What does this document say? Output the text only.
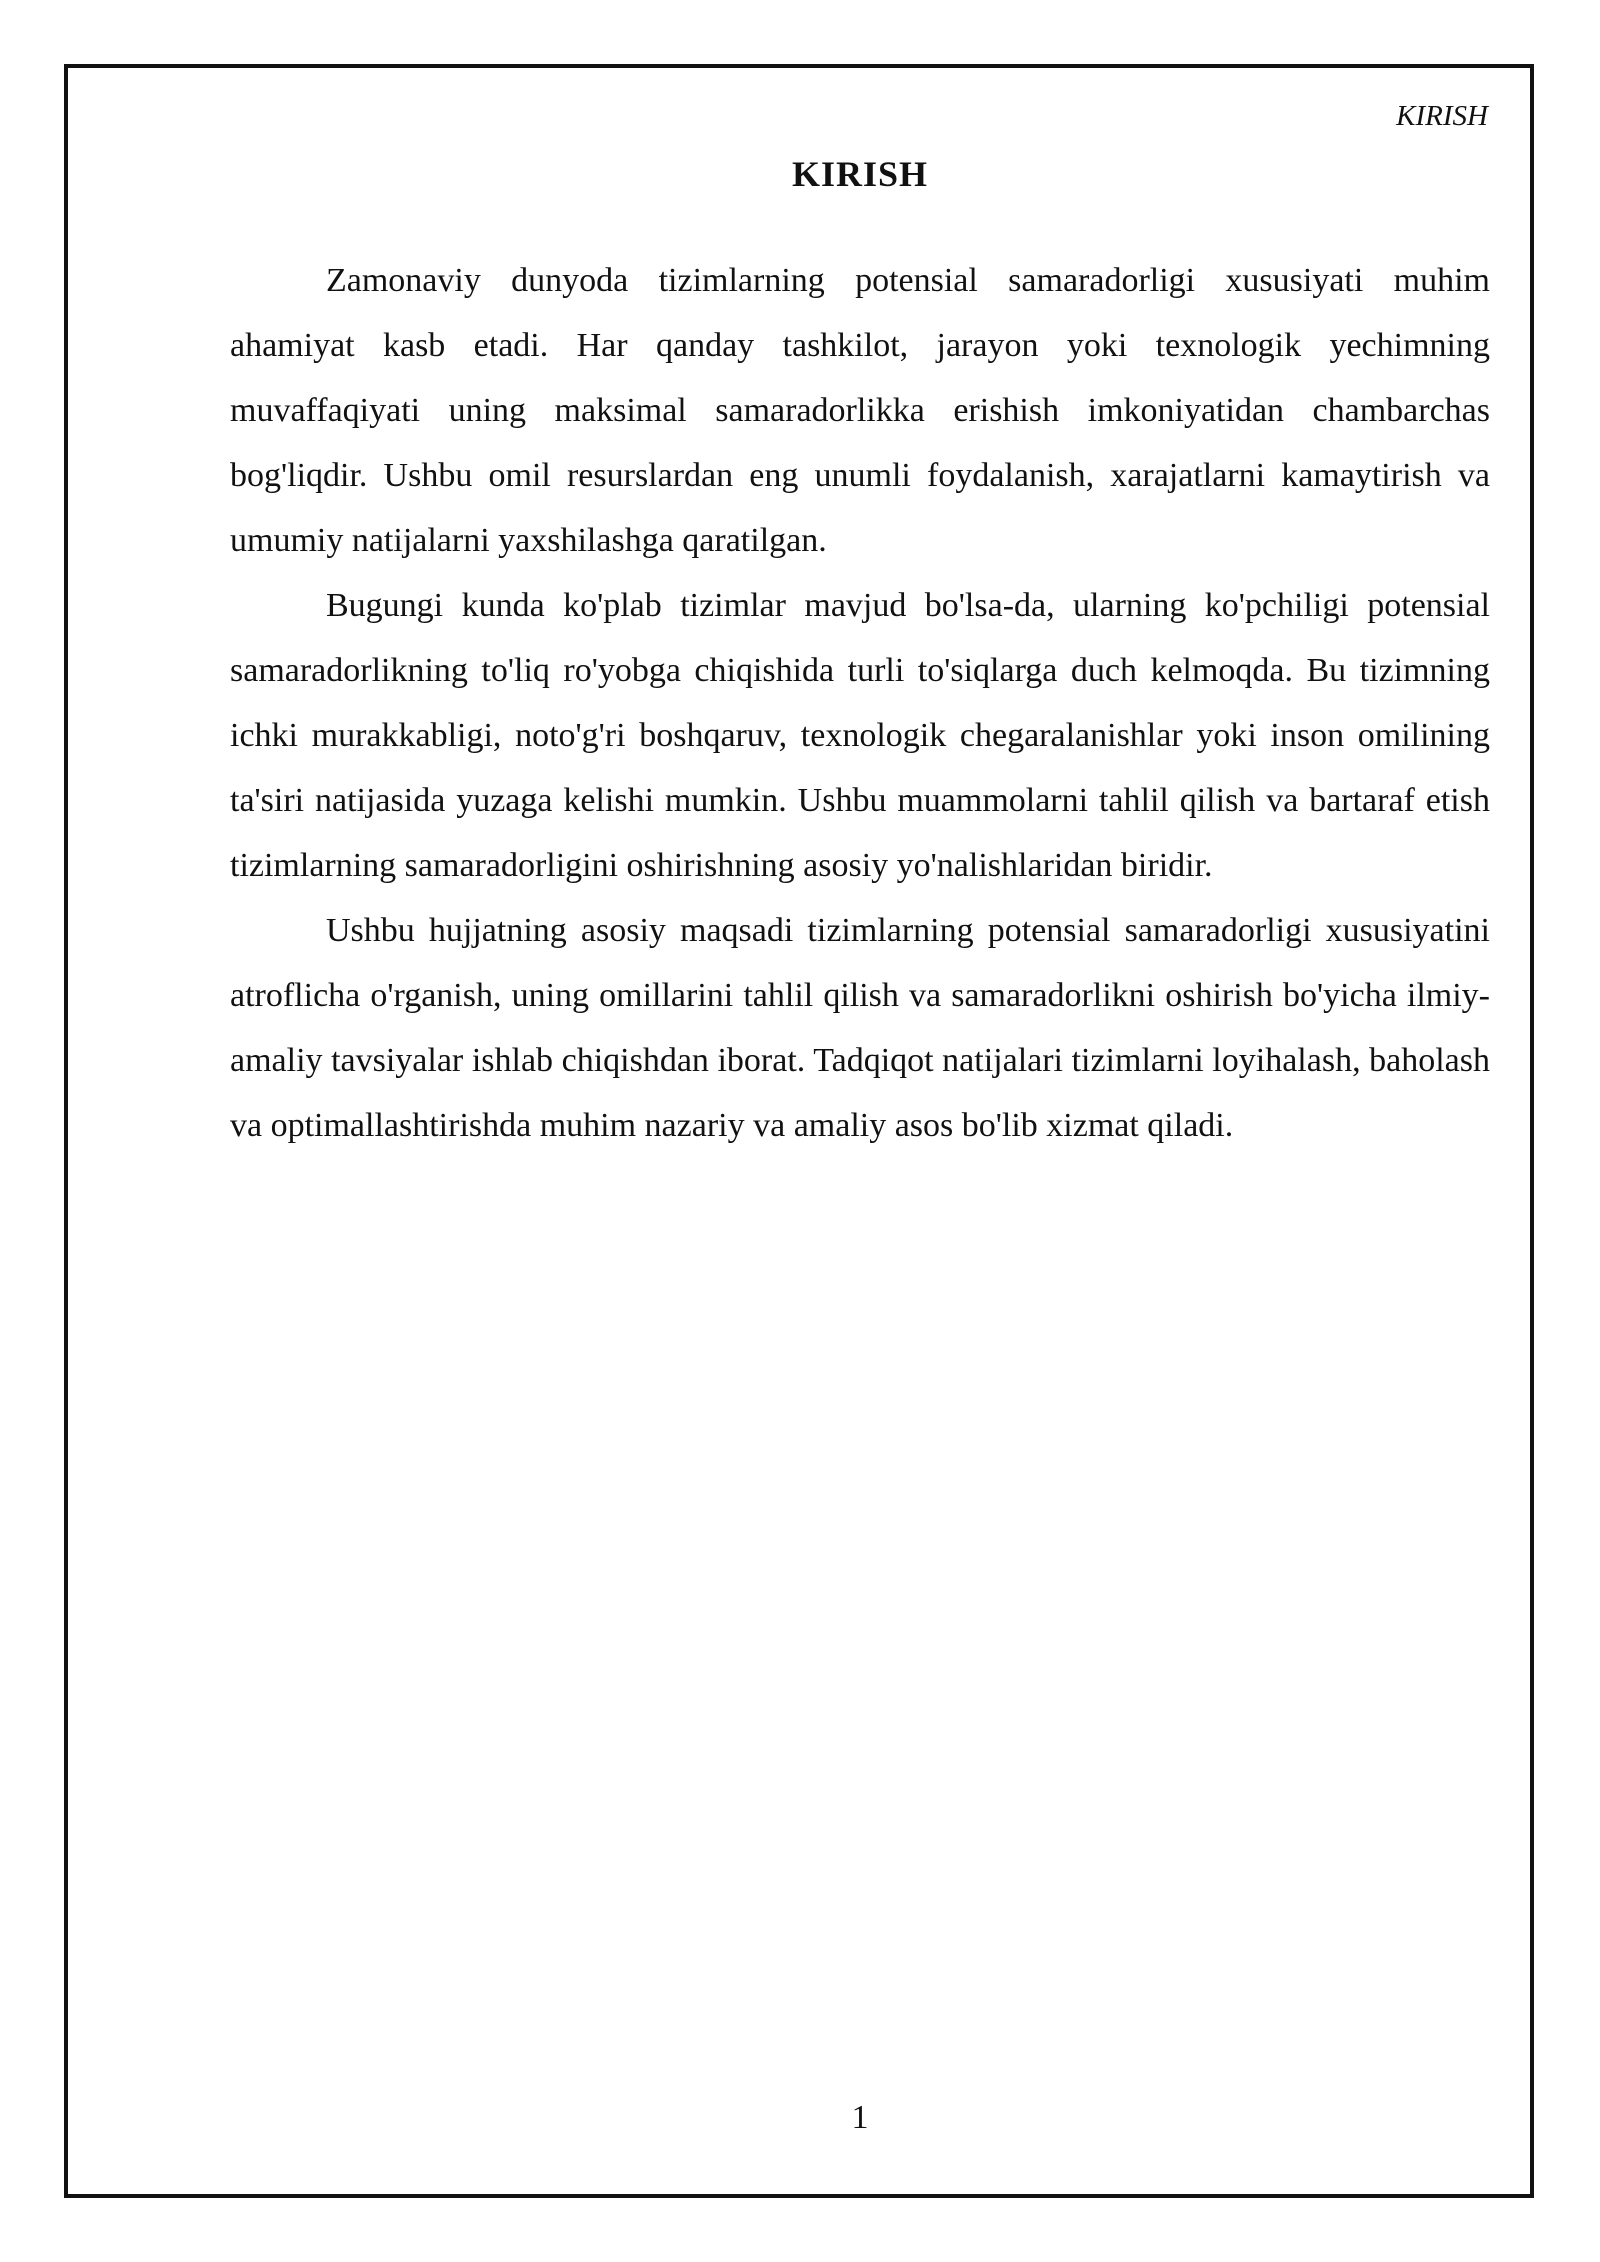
KIRISH
KIRISH

Zamonaviy dunyoda tizimlarning potensial samaradorligi xususiyati muhim ahamiyat kasb etadi. Har qanday tashkilot, jarayon yoki texnologik yechimning muvaffaqiyati uning maksimal samaradorlikka erishish imkoniyatidan chambarchas bog'liqdir. Ushbu omil resurslardan eng unumli foydalanish, xarajatlarni kamaytirish va umumiy natijalarni yaxshilashga qaratilgan.

Bugungi kunda ko'plab tizimlar mavjud bo'lsa-da, ularning ko'pchiligi potensial samaradorlikning to'liq ro'yobga chiqishida turli to'siqlarga duch kelmoqda. Bu tizimning ichki murakkabligi, noto'g'ri boshqaruv, texnologik chegaralanishlar yoki inson omilining ta'siri natijasida yuzaga kelishi mumkin. Ushbu muammolarni tahlil qilish va bartaraf etish tizimlarning samaradorligini oshirishning asosiy yo'nalishlaridan biridir.

Ushbu hujjatning asosiy maqsadi tizimlarning potensial samaradorligi xususiyatini atroflicha o'rganish, uning omillarini tahlil qilish va samaradorlikni oshirish bo'yicha ilmiy-amaliy tavsiyalar ishlab chiqishdan iborat. Tadqiqot natijalari tizimlarni loyihalash, baholash va optimallashtirishda muhim nazariy va amaliy asos bo'lib xizmat qiladi.

1
